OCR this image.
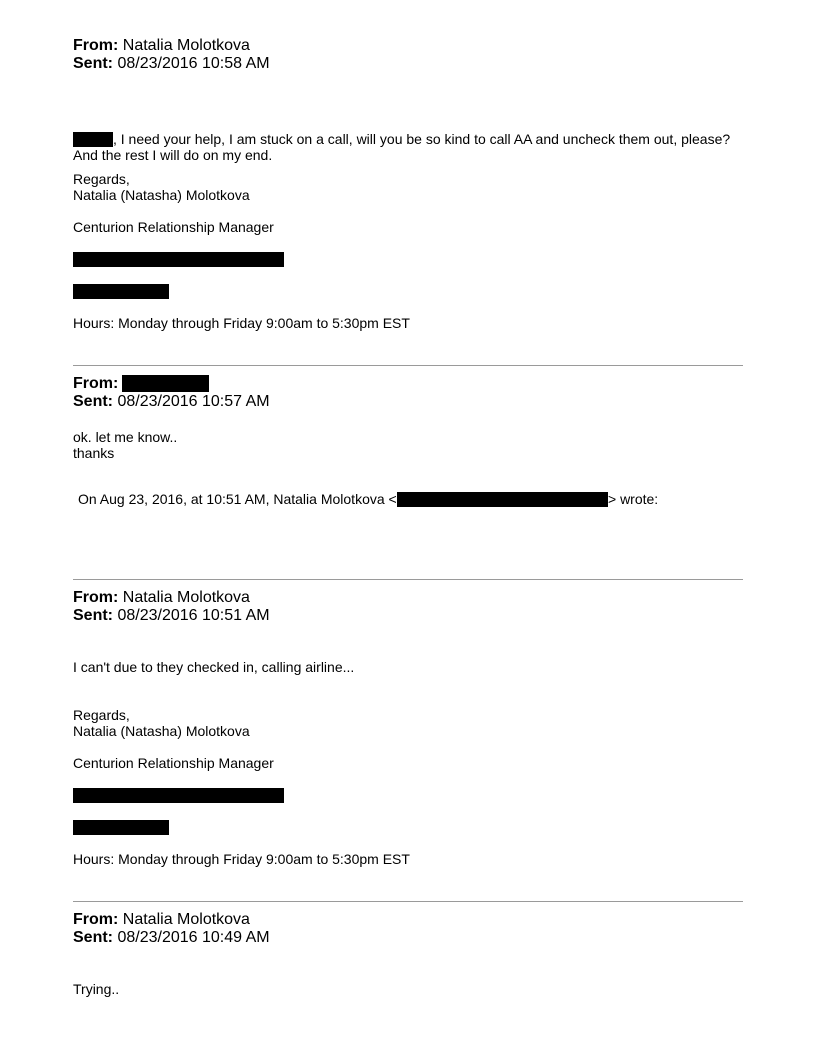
From: Natalia Molotkova
Sent: 08/23/2016 10:58 AM
, I need your help, I am stuck on a call, will you be so kind to call AA and uncheck them out, please?
And the rest I will do on my end.
Regards,
Natalia (Natasha) Molotkova
Centurion Relationship Manager
Hours: Monday through Friday 9:00am to 5:30pm EST
From:
Sent: 08/23/2016 10:57 AM
ok. let me know..
thanks
On Aug 23, 2016, at 10:51 AM, Natalia Molotkova <	> wrote:
From: Natalia Molotkova
Sent: 08/23/2016 10:51 AM
I can't due to they checked in, calling airline...
Regards,
Natalia (Natasha) Molotkova
Centurion Relationship Manager
Hours: Monday through Friday 9:00am to 5:30pm EST
From: Natalia Molotkova
Sent: 08/23/2016 10:49 AM
Trying..
